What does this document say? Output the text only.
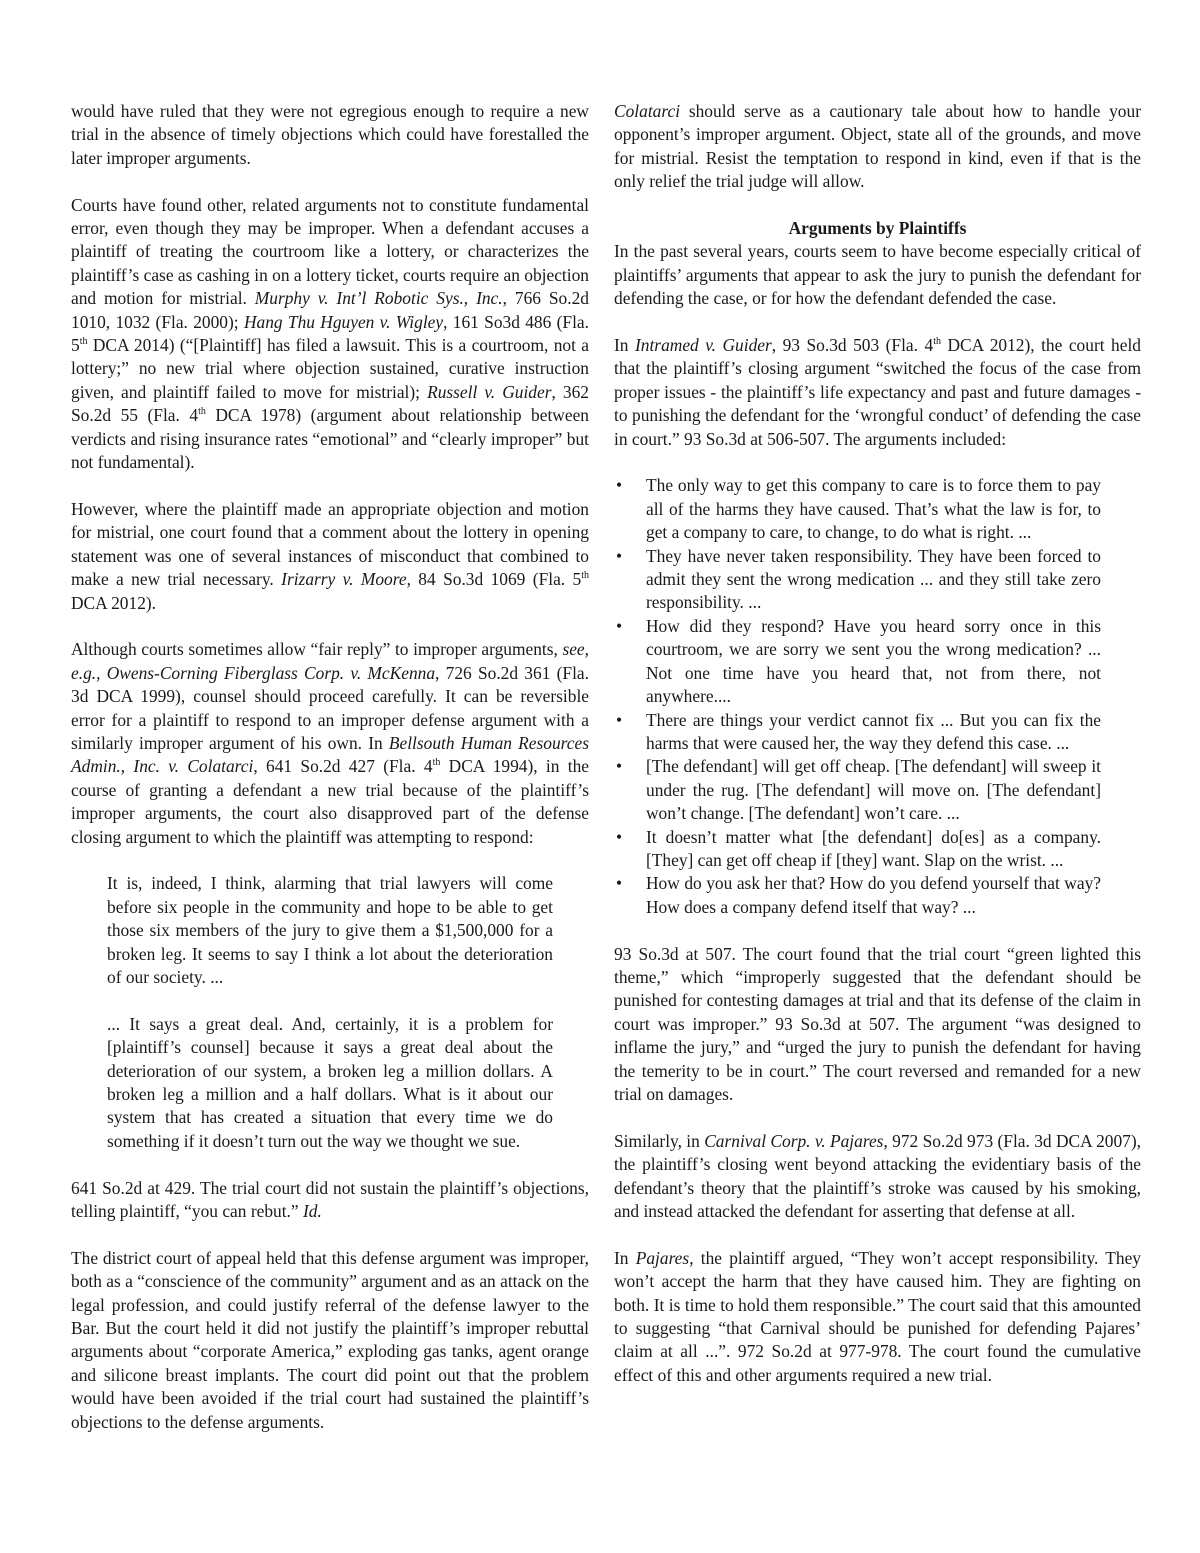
would have ruled that they were not egregious enough to require a new trial in the absence of timely objections which could have forestalled the later improper arguments.

Courts have found other, related arguments not to constitute fundamental error, even though they may be improper. When a defendant accuses a plaintiff of treating the courtroom like a lottery, or characterizes the plaintiff’s case as cashing in on a lottery ticket, courts require an objection and motion for mistrial. Murphy v. Int’l Robotic Sys., Inc., 766 So.2d 1010, 1032 (Fla. 2000); Hang Thu Hguyen v. Wigley, 161 So3d 486 (Fla. 5th DCA 2014) (“[Plaintiff] has filed a lawsuit. This is a courtroom, not a lottery;” no new trial where objection sustained, curative instruction given, and plaintiff failed to move for mistrial); Russell v. Guider, 362 So.2d 55 (Fla. 4th DCA 1978) (argument about relationship between verdicts and rising insurance rates “emotional” and “clearly improper” but not fundamental).

However, where the plaintiff made an appropriate objection and motion for mistrial, one court found that a comment about the lottery in opening statement was one of several instances of misconduct that combined to make a new trial necessary. Irizarry v. Moore, 84 So.3d 1069 (Fla. 5th DCA 2012).

Although courts sometimes allow “fair reply” to improper arguments, see, e.g., Owens-Corning Fiberglass Corp. v. McKenna, 726 So.2d 361 (Fla. 3d DCA 1999), counsel should proceed carefully. It can be reversible error for a plaintiff to respond to an improper defense argument with a similarly improper argument of his own. In Bellsouth Human Resources Admin., Inc. v. Colatarci, 641 So.2d 427 (Fla. 4th DCA 1994), in the course of granting a defendant a new trial because of the plaintiff’s improper arguments, the court also disapproved part of the defense closing argument to which the plaintiff was attempting to respond:

It is, indeed, I think, alarming that trial lawyers will come before six people in the community and hope to be able to get those six members of the jury to give them a $1,500,000 for a broken leg. It seems to say I think a lot about the deterioration of our society. ...

... It says a great deal. And, certainly, it is a problem for [plaintiff’s counsel] because it says a great deal about the deterioration of our system, a broken leg a million dollars. A broken leg a million and a half dollars. What is it about our system that has created a situation that every time we do something if it doesn’t turn out the way we thought we sue.

641 So.2d at 429. The trial court did not sustain the plaintiff’s objections, telling plaintiff, “you can rebut.” Id.

The district court of appeal held that this defense argument was improper, both as a “conscience of the community” argument and as an attack on the legal profession, and could justify referral of the defense lawyer to the Bar. But the court held it did not justify the plaintiff’s improper rebuttal arguments about “corporate America,” exploding gas tanks, agent orange and silicone breast implants. The court did point out that the problem would have been avoided if the trial court had sustained the plaintiff’s objections to the defense arguments.

Colatarci should serve as a cautionary tale about how to handle your opponent’s improper argument. Object, state all of the grounds, and move for mistrial. Resist the temptation to respond in kind, even if that is the only relief the trial judge will allow.

Arguments by Plaintiffs

In the past several years, courts seem to have become especially critical of plaintiffs’ arguments that appear to ask the jury to punish the defendant for defending the case, or for how the defendant defended the case.

In Intramed v. Guider, 93 So.3d 503 (Fla. 4th DCA 2012), the court held that the plaintiff’s closing argument “switched the focus of the case from proper issues - the plaintiff’s life expectancy and past and future damages - to punishing the defendant for the ‘wrongful conduct’ of defending the case in court.” 93 So.3d at 506-507. The arguments included:

• The only way to get this company to care is to force them to pay all of the harms they have caused. That’s what the law is for, to get a company to care, to change, to do what is right. ...
• They have never taken responsibility. They have been forced to admit they sent the wrong medication ... and they still take zero responsibility. ...
• How did they respond? Have you heard sorry once in this courtroom, we are sorry we sent you the wrong medication? ... Not one time have you heard that, not from there, not anywhere....
• There are things your verdict cannot fix ... But you can fix the harms that were caused her, the way they defend this case. ...
• [The defendant] will get off cheap. [The defendant] will sweep it under the rug. [The defendant] will move on. [The defendant] won’t change. [The defendant] won’t care. ...
• It doesn’t matter what [the defendant] do[es] as a company. [They] can get off cheap if [they] want. Slap on the wrist. ...
• How do you ask her that? How do you defend yourself that way? How does a company defend itself that way? ...

93 So.3d at 507. The court found that the trial court “green lighted this theme,” which “improperly suggested that the defendant should be punished for contesting damages at trial and that its defense of the claim in court was improper.” 93 So.3d at 507. The argument “was designed to inflame the jury,” and “urged the jury to punish the defendant for having the temerity to be in court.” The court reversed and remanded for a new trial on damages.

Similarly, in Carnival Corp. v. Pajares, 972 So.2d 973 (Fla. 3d DCA 2007), the plaintiff’s closing went beyond attacking the evidentiary basis of the defendant’s theory that the plaintiff’s stroke was caused by his smoking, and instead attacked the defendant for asserting that defense at all.

In Pajares, the plaintiff argued, “They won’t accept responsibility. They won’t accept the harm that they have caused him. They are fighting on both. It is time to hold them responsible.” The court said that this amounted to suggesting “that Carnival should be punished for defending Pajares’ claim at all ...”. 972 So.2d at 977-978. The court found the cumulative effect of this and other arguments required a new trial.
